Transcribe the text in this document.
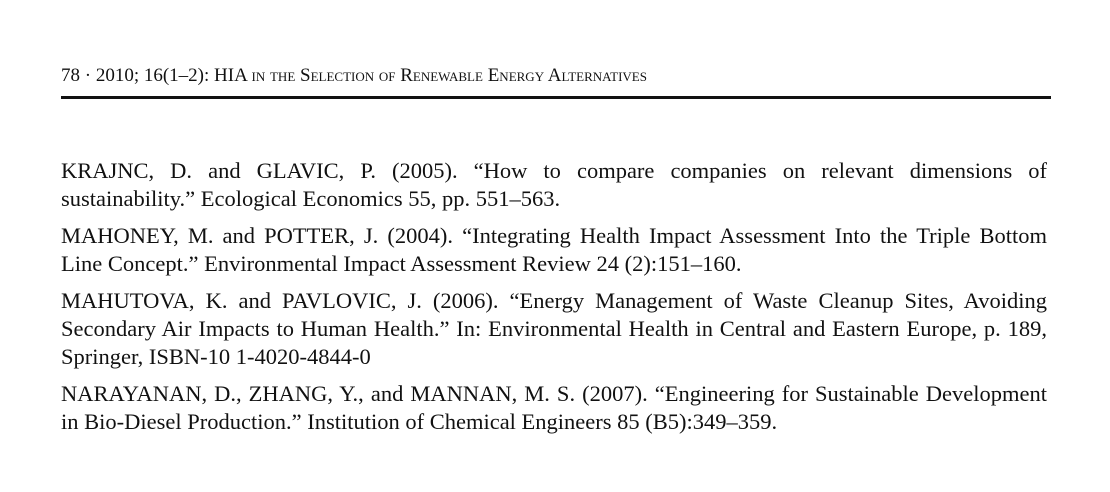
78 · 2010; 16(1–2): HIA in the Selection of Renewable Energy Alternatives
KRAJNC, D. and GLAVIC, P. (2005). “How to compare companies on relevant dimensions of sustainability.” Ecological Economics 55, pp. 551–563.
MAHONEY, M. and POTTER, J. (2004). “Integrating Health Impact Assessment Into the Triple Bottom Line Concept.” Environmental Impact Assessment Review 24 (2):151–160.
MAHUTOVA, K. and PAVLOVIC, J. (2006). “Energy Management of Waste Cleanup Sites, Avoiding Secondary Air Impacts to Human Health.” In: Environmental Health in Central and Eastern Europe, p. 189, Springer, ISBN-10 1-4020-4844-0
NARAYANAN, D., ZHANG, Y., and MANNAN, M. S. (2007). “Engineering for Sustainable Development in Bio-Diesel Production.” Institution of Chemical Engineers 85 (B5):349–359.
